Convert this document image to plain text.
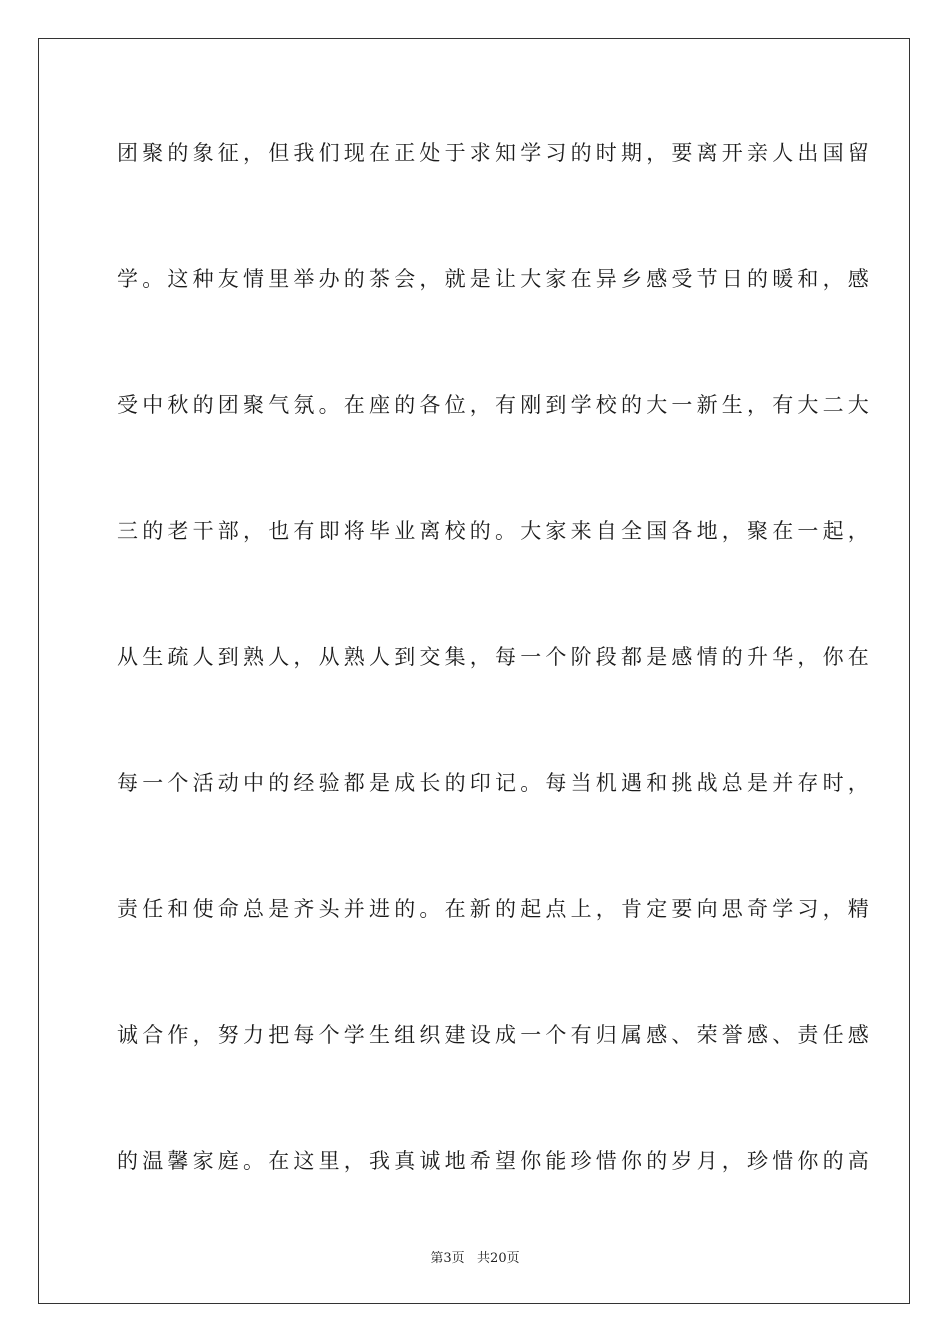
团聚的象征，但我们现在正处于求知学习的时期，要离开亲人出国留
学。这种友情里举办的茶会，就是让大家在异乡感受节日的暖和，感
受中秋的团聚气氛。在座的各位，有刚到学校的大一新生，有大二大
三的老干部，也有即将毕业离校的。大家来自全国各地，聚在一起，
从生疏人到熟人，从熟人到交集，每一个阶段都是感情的升华，你在
每一个活动中的经验都是成长的印记。每当机遇和挑战总是并存时，
责任和使命总是齐头并进的。在新的起点上，肯定要向思奇学习，精
诚合作，努力把每个学生组织建设成一个有归属感、荣誉感、责任感
的温馨家庭。在这里，我真诚地希望你能珍惜你的岁月，珍惜你的高
第3页   共20页
